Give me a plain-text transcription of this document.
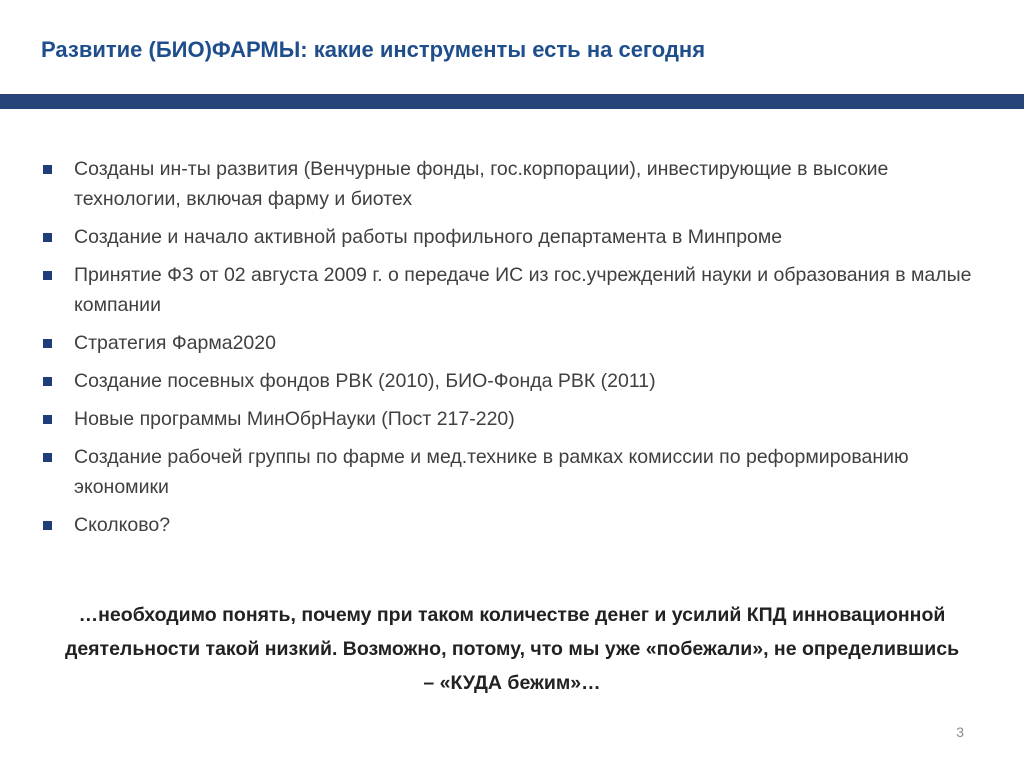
Развитие (БИО)ФАРМЫ: какие инструменты есть на сегодня
Созданы ин-ты развития (Венчурные фонды, гос.корпорации), инвестирующие в высокие технологии, включая фарму и биотех
Создание и начало активной работы профильного департамента в Минпроме
Принятие ФЗ от 02 августа 2009 г. о передаче ИС из гос.учреждений науки и образования в малые компании
Стратегия Фарма2020
Создание посевных фондов РВК (2010), БИО-Фонда РВК (2011)
Новые программы МинОбрНауки (Пост 217-220)
Создание рабочей группы по фарме и мед.технике в рамках комиссии по реформированию экономики
Сколково?
…необходимо понять, почему при таком количестве денег и усилий КПД инновационной деятельности такой низкий. Возможно, потому, что мы уже «побежали», не определившись – «КУДА бежим»…
3
